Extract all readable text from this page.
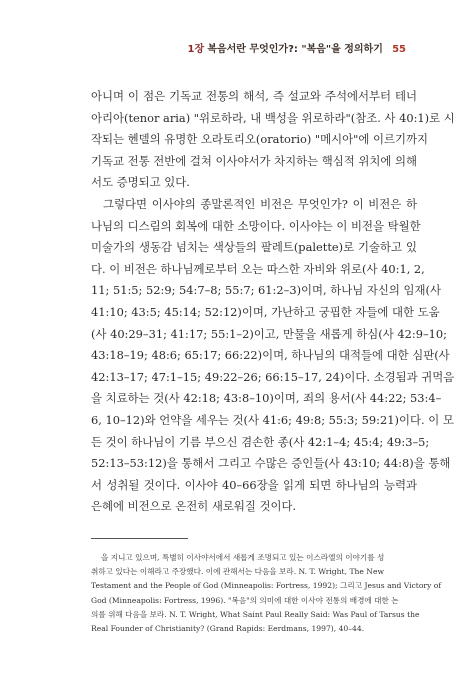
1장 복음서란 무엇인가?: "복음"을 정의하기 55
아니며 이 점은 기독교 전통의 해석, 즉 설교와 주석에서부터 테너
아리아(tenor aria) "위로하라, 내 백성을 위로하라"(참조. 사 40:1)로 시
작되는 헨델의 유명한 오라토리오(oratorio) "메시아"에 이르기까지
기독교 전통 전반에 걸쳐 이사야서가 차지하는 핵심적 위치에 의해
서도 증명되고 있다.
그렇다면 이사야의 종말론적인 비전은 무엇인가? 이 비전은 하
나님의 디스림의 회복에 대한 소망이다. 이사야는 이 비전을 탁월한
미술가의 생동감 넘치는 색상들의 팔레트(palette)로 기술하고 있
다. 이 비전은 하나님께로부터 오는 따스한 자비와 위로(사 40:1, 2,
11; 51:5; 52:9; 54:7–8; 55:7; 61:2–3)이며, 하나님 자신의 임재(사
41:10; 43:5; 45:14; 52:12)이며, 가난하고 궁핍한 자들에 대한 도움
(사 40:29–31; 41:17; 55:1–2)이고, 만물을 새롭게 하심(사 42:9–10;
43:18–19; 48:6; 65:17; 66:22)이며, 하나님의 대적들에 대한 심판(사
42:13–17; 47:1–15; 49:22–26; 66:15–17, 24)이다. 소경됨과 귀먹음
을 치료하는 것(사 42:18; 43:8–10)이며, 죄의 용서(사 44:22; 53:4–
6, 10–12)와 언약을 세우는 것(사 41:6; 49:8; 55:3; 59:21)이다. 이 모
든 것이 하나님이 기름 부으신 겸손한 종(사 42:1–4; 45:4; 49:3–5;
52:13–53:12)을 통해서 그리고 수많은 증인들(사 43:10; 44:8)을 통해
서 성취될 것이다. 이사야 40–66장을 읽게 되면 하나님의 능력과
은혜에 비전으로 온전히 새로워질 것이다.
을 지니고 있으며, 특별히 이사야서에서 새롭게 조명되고 있는 이스라엘의 이야기를 성
취하고 있다는 이해라고 주장했다. 이에 관해서는 다음을 보라. N. T. Wright, The New
Testament and the People of God (Minneapolis: Fortress, 1992); 그리고 Jesus and Victory of
God (Minneapolis: Fortress, 1996). "복음"의 의미에 대한 이사야 전통의 배경에 대한 논
의를 위해 다음을 보라. N. T. Wright, What Saint Paul Really Said: Was Paul of Tarsus the
Real Founder of Christianity? (Grand Rapids: Eerdmans, 1997), 40–44.
